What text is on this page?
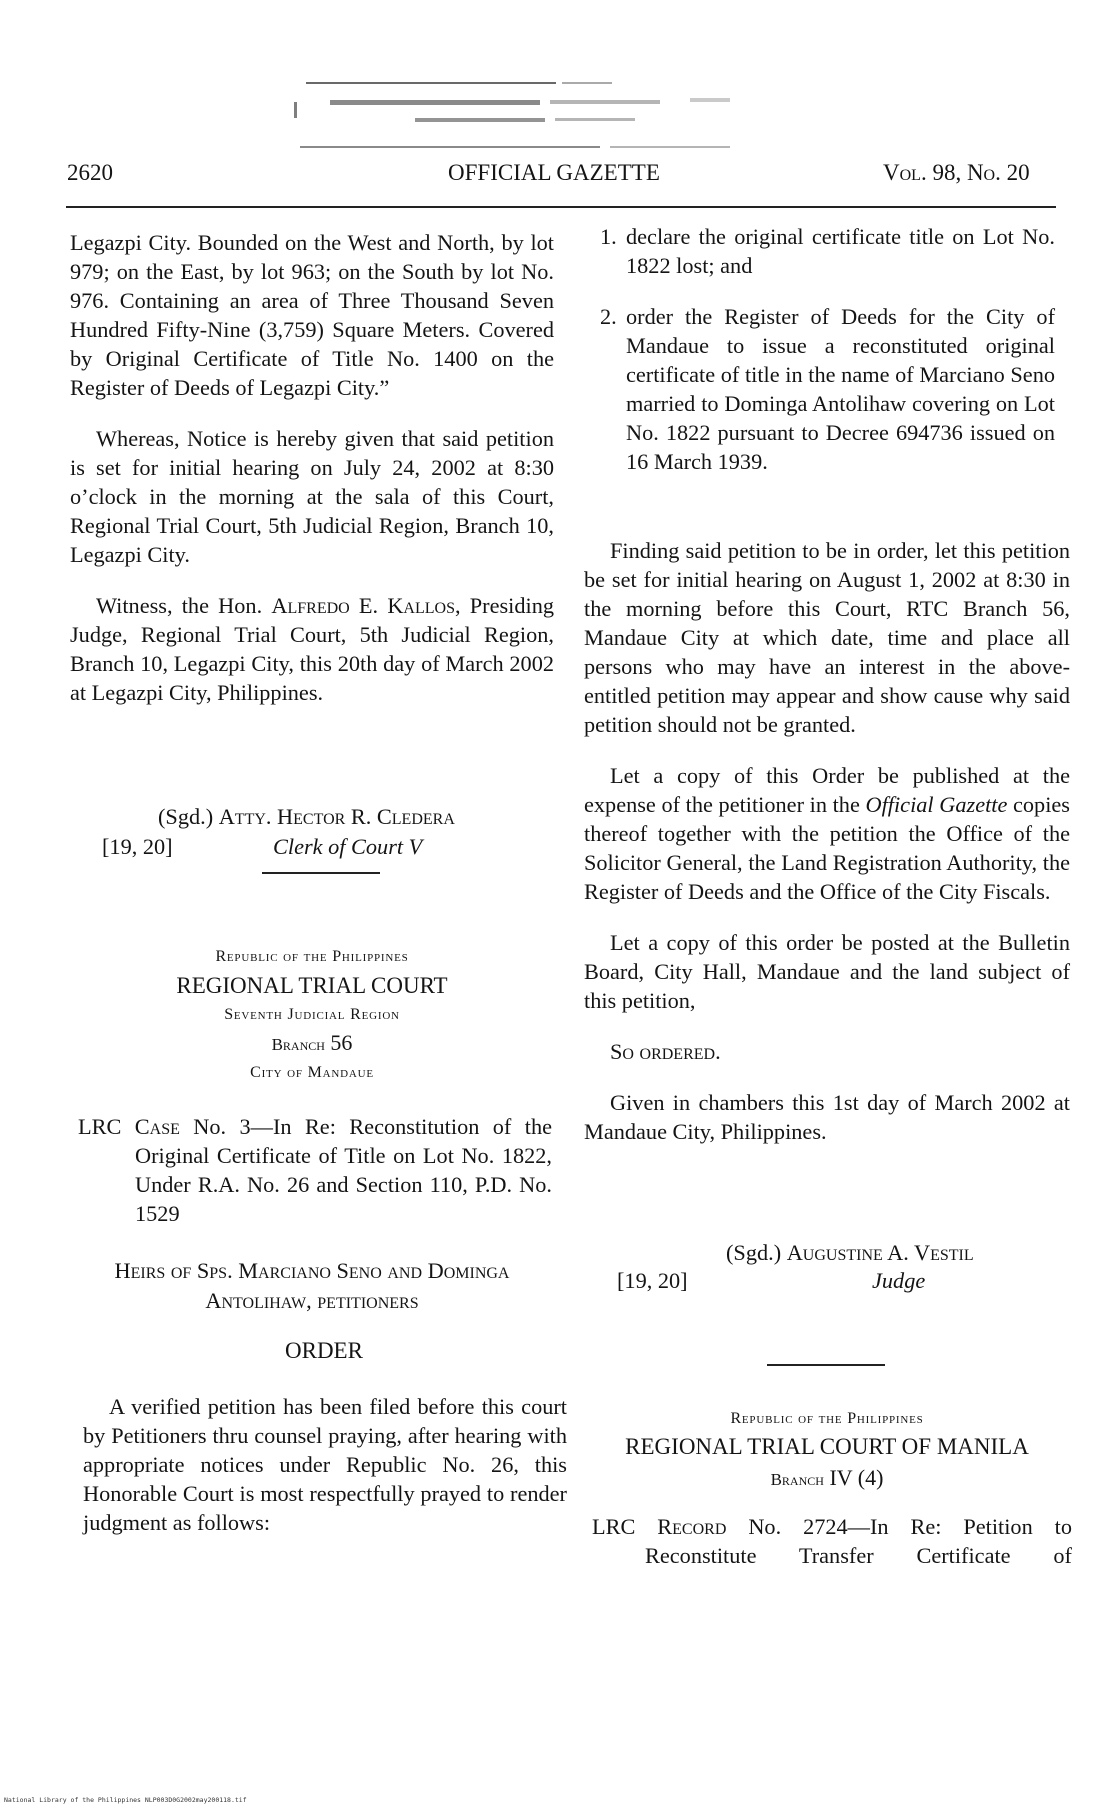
2620	OFFICIAL GAZETTE	Vol. 98, No. 20

Legazpi City. Bounded on the West and North, by lot 979; on the East, by lot 963; on the South by lot No. 976. Containing an area of Three Thousand Seven Hundred Fifty-Nine (3,759) Square Meters. Covered by Original Certificate of Title No. 1400 on the Register of Deeds of Legazpi City.”

Whereas, Notice is hereby given that said petition is set for initial hearing on July 24, 2002 at 8:30 o’clock in the morning at the sala of this Court, Regional Trial Court, 5th Judicial Region, Branch 10, Legazpi City.

Witness, the Hon. Alfredo E. Kallos, Presiding Judge, Regional Trial Court, 5th Judicial Region, Branch 10, Legazpi City, this 20th day of March 2002 at Legazpi City, Philippines.

(Sgd.) Atty. Hector R. Cledera
[19, 20]	Clerk of Court V
Republic of the Philippines
REGIONAL TRIAL COURT
Seventh Judicial Region
Branch 56
City of Mandaue

LRC Case No. 3—In Re: Reconstitution of the Original Certificate of Title on Lot No. 1822, Under R.A. No. 26 and Section 110, P.D. No. 1529

Heirs of Sps. Marciano Seno and Dominga
Antolihaw, petitioners
ORDER

A verified petition has been filed before this court by Petitioners thru counsel praying, after hearing with appropriate notices under Republic No. 26, this Honorable Court is most respectfully prayed to render judgment as follows:

1. declare the original certificate title on Lot No. 1822 lost; and
2. order the Register of Deeds for the City of Mandaue to issue a reconstituted original certificate of title in the name of Marciano Seno married to Dominga Antolihaw covering on Lot No. 1822 pursuant to Decree 694736 issued on 16 March 1939.

Finding said petition to be in order, let this petition be set for initial hearing on August 1, 2002 at 8:30 in the morning before this Court, RTC Branch 56, Mandaue City at which date, time and place all persons who may have an interest in the above-entitled petition may appear and show cause why said petition should not be granted.

Let a copy of this Order be published at the expense of the petitioner in the Official Gazette copies thereof together with the petition the Office of the Solicitor General, the Land Registration Authority, the Register of Deeds and the Office of the City Fiscals.

Let a copy of this order be posted at the Bulletin Board, City Hall, Mandaue and the land subject of this petition,

So ordered.

Given in chambers this 1st day of March 2002 at Mandaue City, Philippines.

(Sgd.) Augustine A. Vestil
[19, 20]	Judge
Republic of the Philippines
REGIONAL TRIAL COURT OF MANILA
Branch IV (4)

LRC Record No. 2724—In Re: Petition to Reconstitute Transfer Certificate of

National Library of the Philippines NLP003D0G2002may200118.tif
